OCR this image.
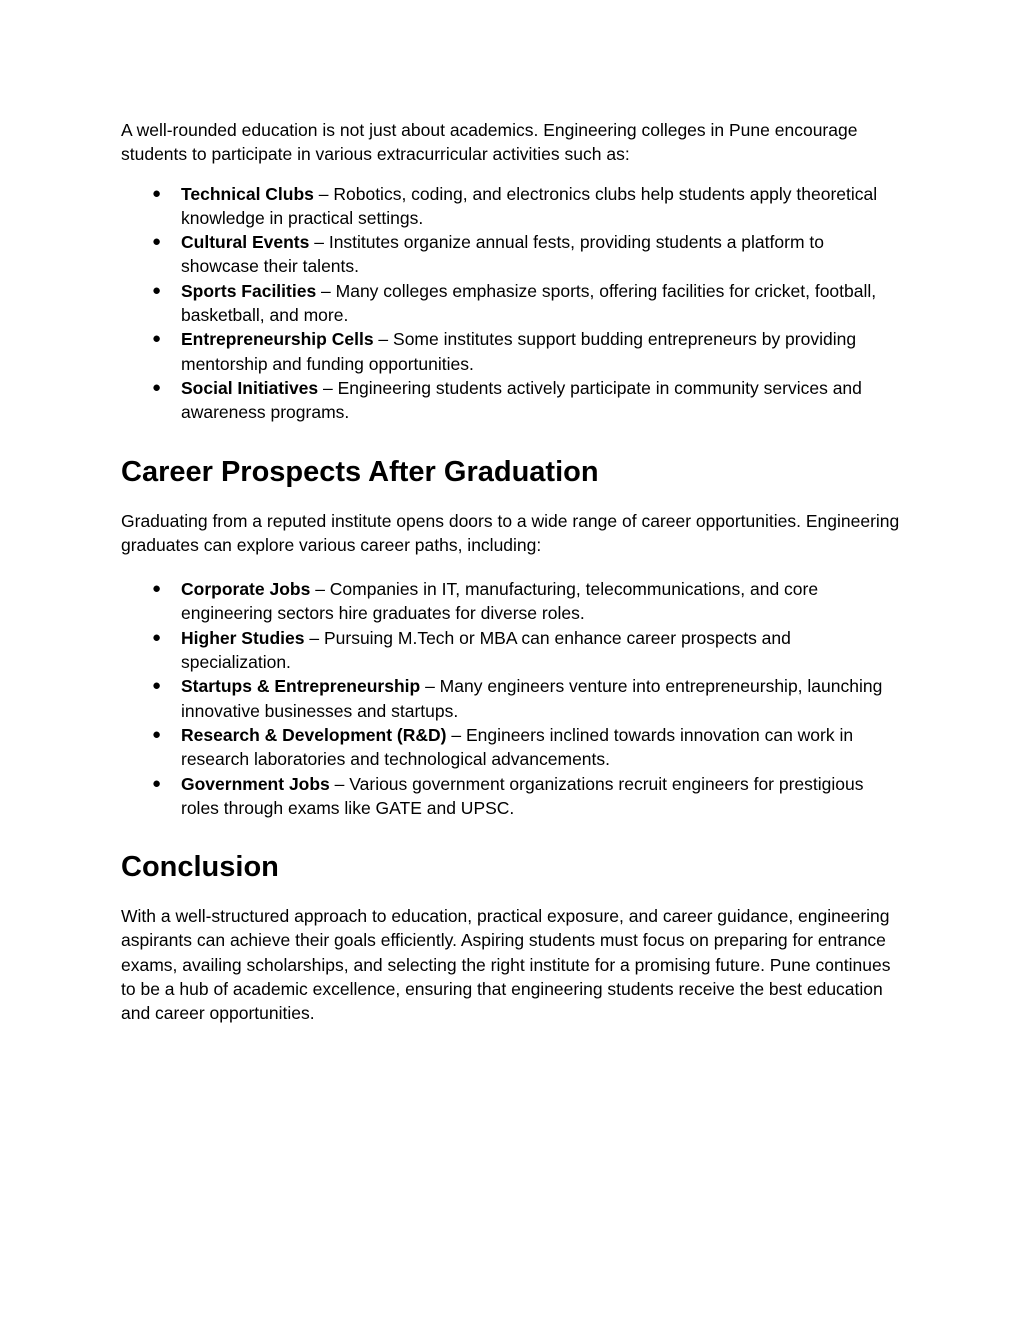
A well-rounded education is not just about academics. Engineering colleges in Pune encourage students to participate in various extracurricular activities such as:

● Technical Clubs – Robotics, coding, and electronics clubs help students apply theoretical knowledge in practical settings.
● Cultural Events – Institutes organize annual fests, providing students a platform to showcase their talents.
● Sports Facilities – Many colleges emphasize sports, offering facilities for cricket, football, basketball, and more.
● Entrepreneurship Cells – Some institutes support budding entrepreneurs by providing mentorship and funding opportunities.
● Social Initiatives – Engineering students actively participate in community services and awareness programs.
Career Prospects After Graduation

Graduating from a reputed institute opens doors to a wide range of career opportunities. Engineering graduates can explore various career paths, including:

● Corporate Jobs – Companies in IT, manufacturing, telecommunications, and core engineering sectors hire graduates for diverse roles.
● Higher Studies – Pursuing M.Tech or MBA can enhance career prospects and specialization.
● Startups & Entrepreneurship – Many engineers venture into entrepreneurship, launching innovative businesses and startups.
● Research & Development (R&D) – Engineers inclined towards innovation can work in research laboratories and technological advancements.
● Government Jobs – Various government organizations recruit engineers for prestigious roles through exams like GATE and UPSC.
Conclusion

With a well-structured approach to education, practical exposure, and career guidance, engineering aspirants can achieve their goals efficiently. Aspiring students must focus on preparing for entrance exams, availing scholarships, and selecting the right institute for a promising future. Pune continues to be a hub of academic excellence, ensuring that engineering students receive the best education and career opportunities.
